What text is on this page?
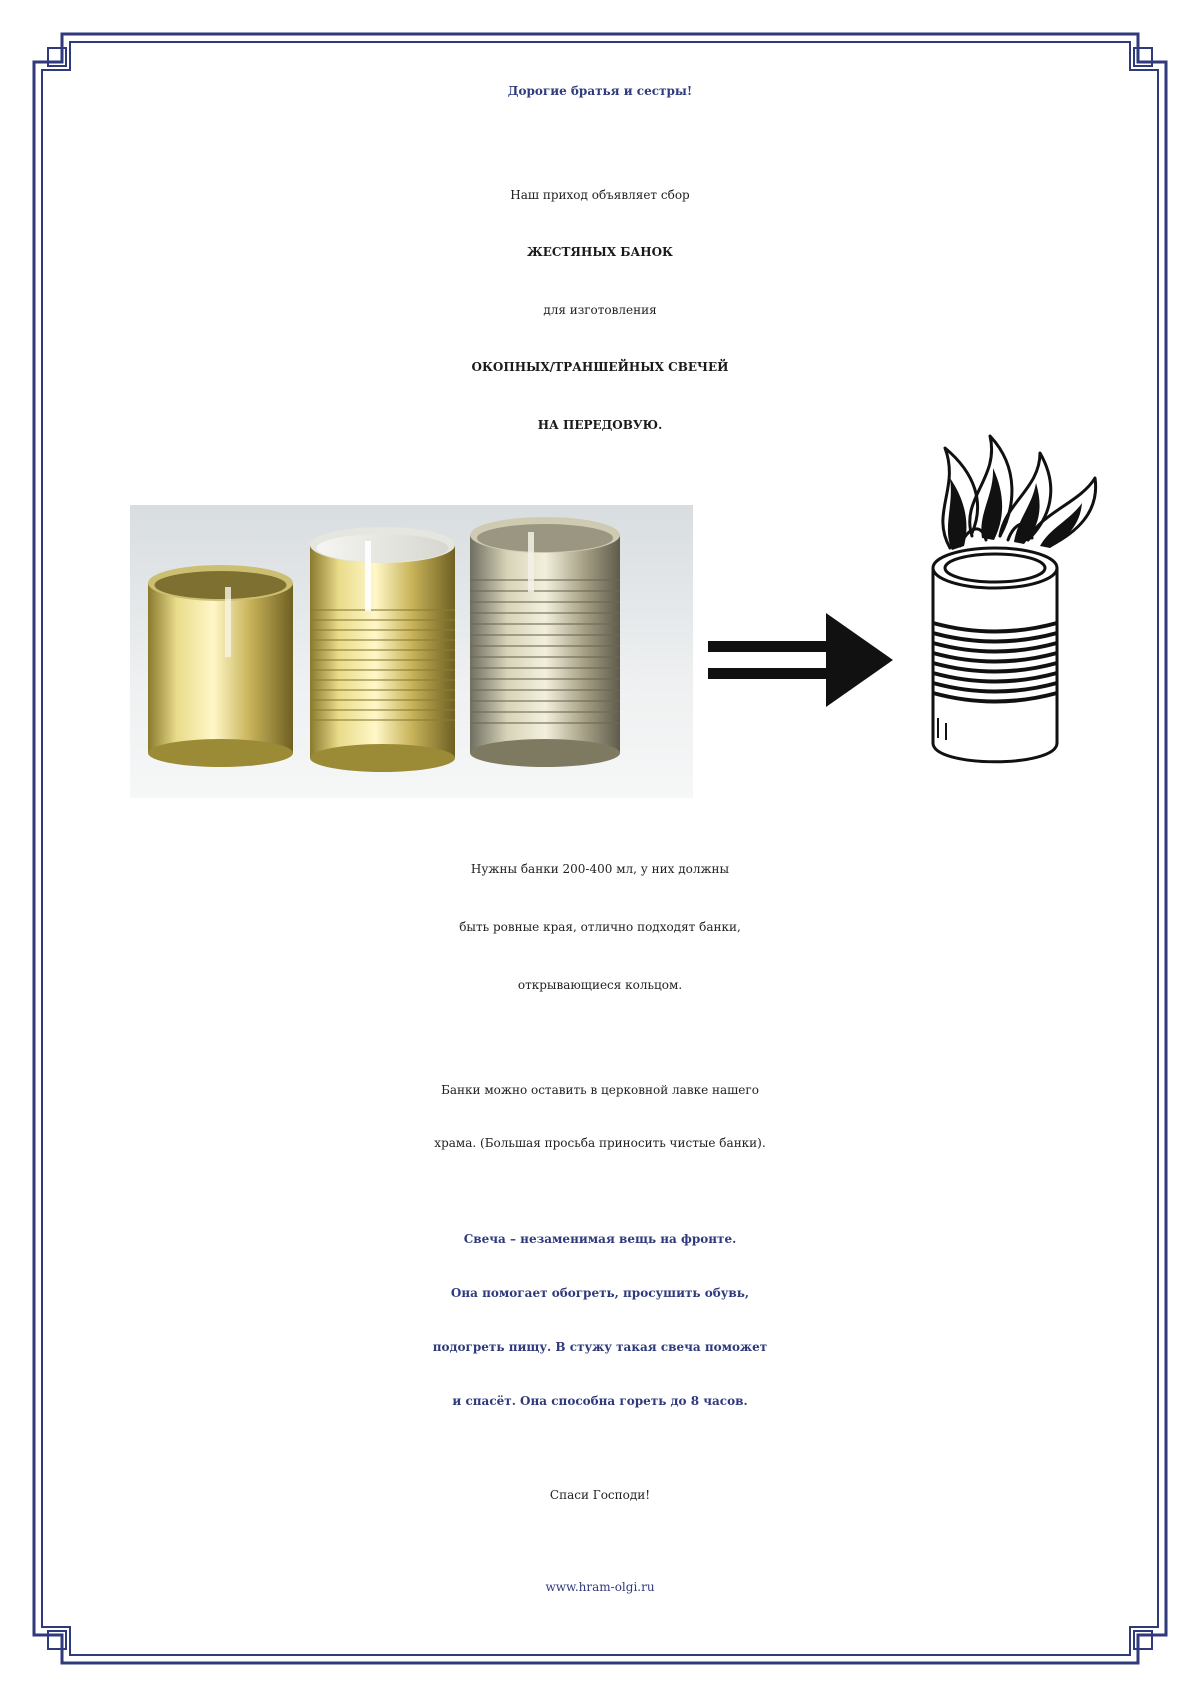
Дорогие братья и сестры!
Наш приход объявляет сбор
ЖЕСТЯНЫХ БАНОК
для изготовления
ОКОПНЫХ/ТРАНШЕЙНЫХ СВЕЧЕЙ
НА ПЕРЕДОВУЮ.
Нужны банки 200-400 мл, у них должны
быть ровные края, отлично подходят банки,
открывающиеся кольцом.
Банки можно оставить в церковной лавке нашего
храма. (Большая просьба приносить чистые банки).
Свеча – незаменимая вещь на фронте.
Она помогает обогреть, просушить обувь,
подогреть пищу. В стужу такая свеча поможет
и спасёт. Она способна гореть до 8 часов.
Спаси Господи!
www.hram-olgi.ru
